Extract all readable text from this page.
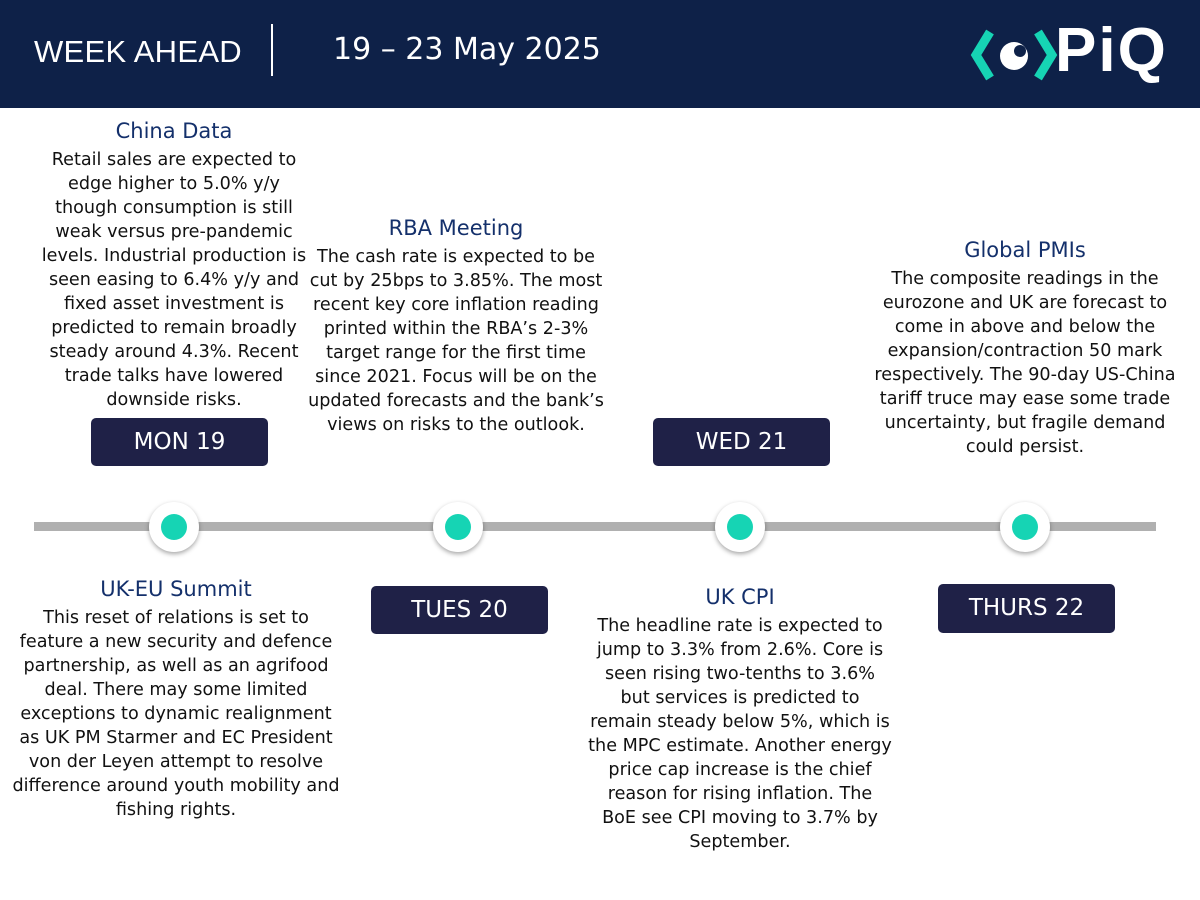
WEEK AHEAD	19 – 23 May 2025	PiQ
China Data
Retail sales are expected to edge higher to 5.0% y/y though consumption is still weak versus pre-pandemic levels. Industrial production is seen easing to 6.4% y/y and fixed asset investment is predicted to remain broadly steady around 4.3%. Recent trade talks have lowered downside risks.
RBA Meeting
The cash rate is expected to be cut by 25bps to 3.85%. The most recent key core inflation reading printed within the RBA’s 2-3% target range for the first time since 2021. Focus will be on the updated forecasts and the bank’s views on risks to the outlook.
Global PMIs
The composite readings in the eurozone and UK are forecast to come in above and below the expansion/contraction 50 mark respectively. The 90-day US-China tariff truce may ease some trade uncertainty, but fragile demand could persist.
MON 19	WED 21
TUES 20	THURS 22
UK-EU Summit
This reset of relations is set to feature a new security and defence partnership, as well as an agrifood deal. There may some limited exceptions to dynamic realignment as UK PM Starmer and EC President von der Leyen attempt to resolve difference around youth mobility and fishing rights.
UK CPI
The headline rate is expected to jump to 3.3% from 2.6%. Core is seen rising two-tenths to 3.6% but services is predicted to remain steady below 5%, which is the MPC estimate. Another energy price cap increase is the chief reason for rising inflation. The BoE see CPI moving to 3.7% by September.
